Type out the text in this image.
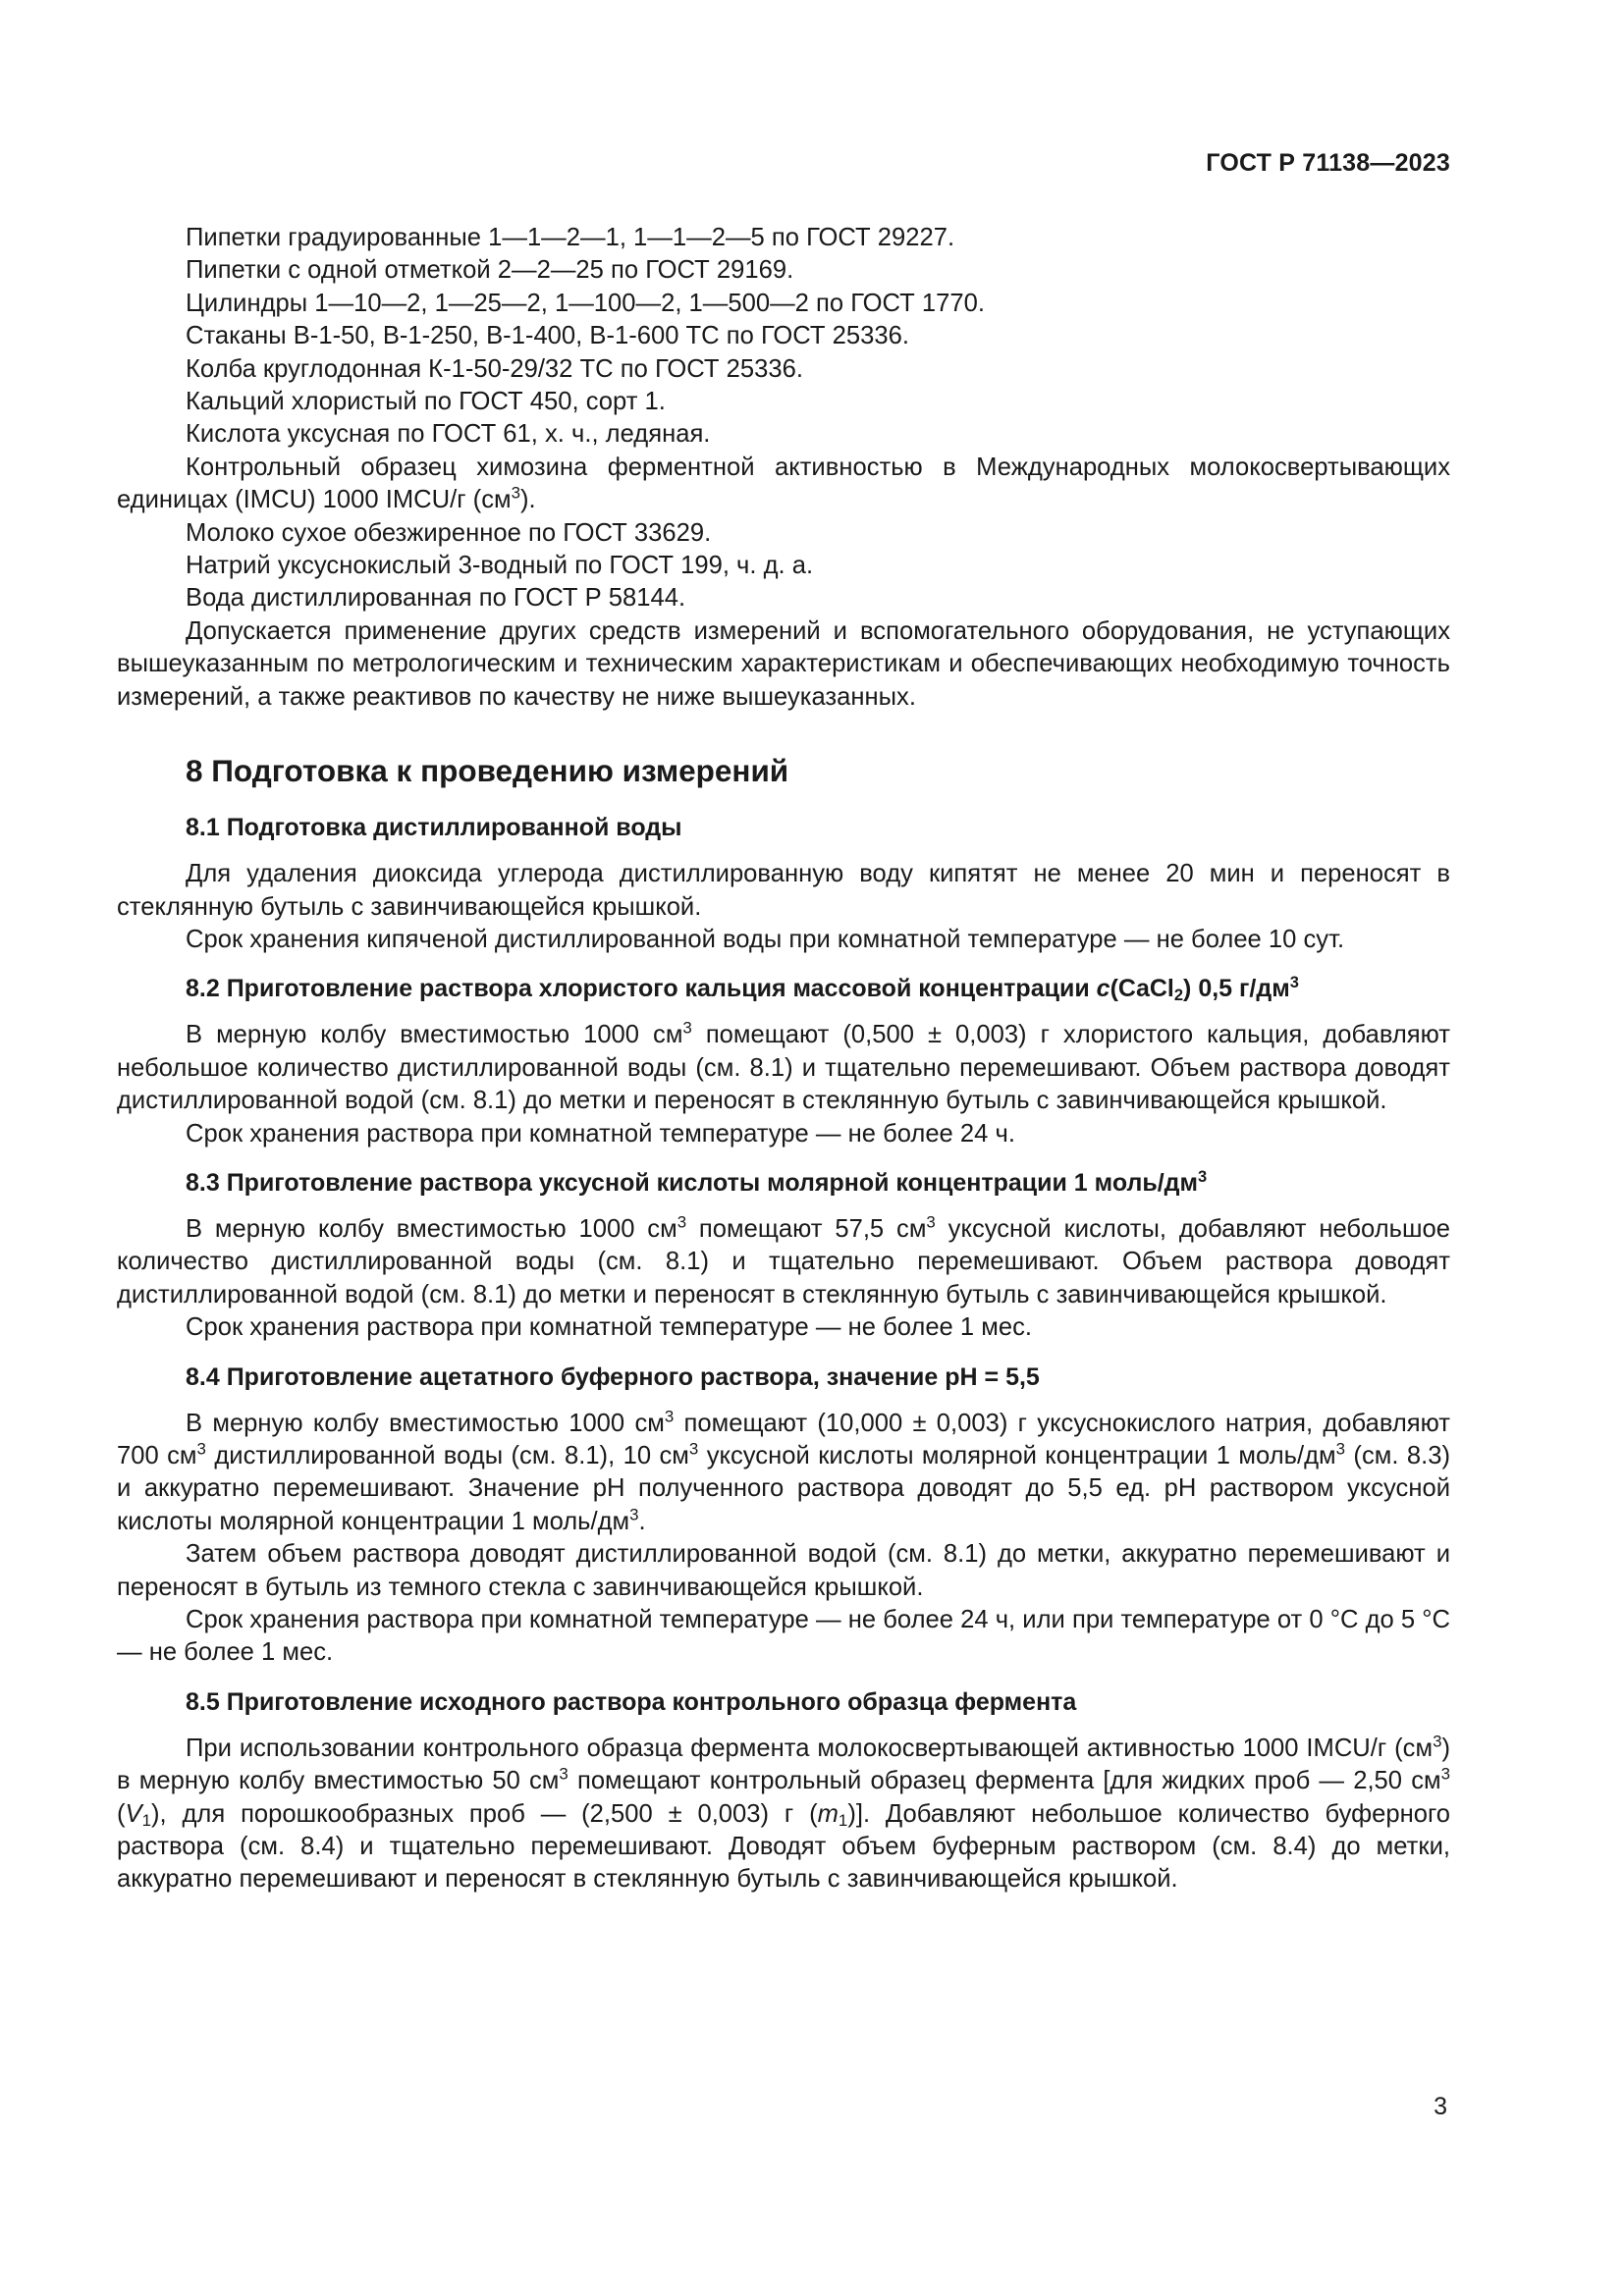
ГОСТ Р 71138—2023

Пипетки градуированные 1—1—2—1, 1—1—2—5 по ГОСТ 29227.

Пипетки с одной отметкой 2—2—25 по ГОСТ 29169.

Цилиндры 1—10—2, 1—25—2, 1—100—2, 1—500—2 по ГОСТ 1770.

Стаканы В-1-50, В-1-250, В-1-400, В-1-600 ТС по ГОСТ 25336.

Колба круглодонная К-1-50-29/32 ТС по ГОСТ 25336.

Кальций хлористый по ГОСТ 450, сорт 1.

Кислота уксусная по ГОСТ 61, х. ч., ледяная.

Контрольный образец химозина ферментной активностью в Международных молокосвертывающих единицах (IMCU) 1000 IMCU/г $(см^3)$.

Молоко сухое обезжиренное по ГОСТ 33629.

Натрий уксуснокислый 3-водный по ГОСТ 199, ч. д. а.

Вода дистиллированная по ГОСТ Р 58144.

Допускается применение других средств измерений и вспомогательного оборудования, не уступающих вышеуказанным по метрологическим и техническим характеристикам и обеспечивающих необходимую точность измерений, а также реактивов по качеству не ниже вышеуказанных.

8 Подготовка к проведению измерений
8.1 Подготовка дистиллированной воды

Для удаления диоксида углерода дистиллированную воду кипятят не менее 20 мин и переносят в стеклянную бутыль с завинчивающейся крышкой.

Срок хранения кипяченой дистиллированной воды при комнатной температуре — не более 10 сут.

8.2 Приготовление раствора хлористого кальция массовой концентрации c(CaCl$_2$) 0,5 $г/дм^3$

В мерную колбу вместимостью 1000 $см^3$ помещают (0,500 ± 0,003) г хлористого кальция, добавляют небольшое количество дистиллированной воды (см. 8.1) и тщательно перемешивают. Объем раствора доводят дистиллированной водой (см. 8.1) до метки и переносят в стеклянную бутыль с завинчивающейся крышкой.

Срок хранения раствора при комнатной температуре — не более 24 ч.

8.3 Приготовление раствора уксусной кислоты молярной концентрации 1 моль/$дм^3$

В мерную колбу вместимостью 1000 $см^3$ помещают 57,5 $см^3$ уксусной кислоты, добавляют небольшое количество дистиллированной воды (см. 8.1) и тщательно перемешивают. Объем раствора доводят дистиллированной водой (см. 8.1) до метки и переносят в стеклянную бутыль с завинчивающейся крышкой.

Срок хранения раствора при комнатной температуре — не более 1 мес.

8.4 Приготовление ацетатного буферного раствора, значение pH = 5,5

В мерную колбу вместимостью 1000 $см^3$ помещают (10,000 ± 0,003) г уксуснокислого натрия, добавляют 700 $см^3$ дистиллированной воды (см. 8.1), 10 $см^3$ уксусной кислоты молярной концентрации 1 моль/$дм^3$ (см. 8.3) и аккуратно перемешивают. Значение pH полученного раствора доводят до 5,5 ед. pH раствором уксусной кислоты молярной концентрации 1 моль/$дм^3$.

Затем объем раствора доводят дистиллированной водой (см. 8.1) до метки, аккуратно перемешивают и переносят в бутыль из темного стекла с завинчивающейся крышкой.

Срок хранения раствора при комнатной температуре — не более 24 ч, или при температуре от 0 °С до 5 °С — не более 1 мес.

8.5 Приготовление исходного раствора контрольного образца фермента

При использовании контрольного образца фермента молокосвертывающей активностью 1000 IMCU/г $(см^3)$ в мерную колбу вместимостью 50 $см^3$ помещают контрольный образец фермента [для жидких проб — 2,50 $см^3$ $(V_1)$, для порошкообразных проб — (2,500 ± 0,003) г $(m_1)$]. Добавляют небольшое количество буферного раствора (см. 8.4) и тщательно перемешивают. Доводят объем буферным раствором (см. 8.4) до метки, аккуратно перемешивают и переносят в стеклянную бутыль с завинчивающейся крышкой.

3
